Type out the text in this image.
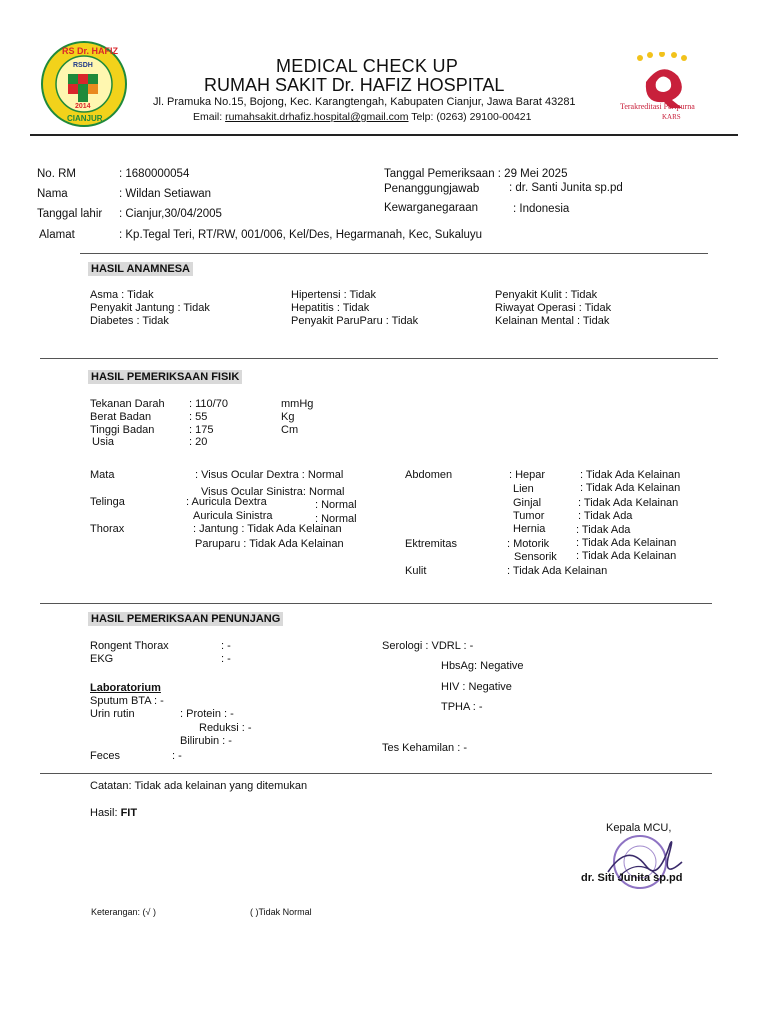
RS Dr. HAFIZ
RSDH
2014
CIANJUR
MEDICAL CHECK UP
RUMAH SAKIT Dr. HAFIZ HOSPITAL
Jl. Pramuka No.15, Bojong, Kec. Karangtengah, Kabupaten Cianjur, Jawa Barat 43281
Email: rumahsakit.drhafiz.hospital@gmail.com Telp: (0263) 29100-00421
Terakreditasi Paripurna
KARS
No. RM	: 1680000054
Nama	: Wildan Setiawan
Tanggal lahir : Cianjur,30/04/2005
Alamat	: Kp.Tegal Teri, RT/RW, 001/006, Kel/Des, Hegarmanah, Kec, Sukaluyu
Tanggal Pemeriksaan : 29 Mei 2025
Penanggungjawab	: dr. Santi Junita sp.pd
Kewarganegaraan	: Indonesia
HASIL ANAMNESA
Asma : Tidak
Penyakit Jantung : Tidak
Diabetes : Tidak
Hipertensi : Tidak
Hepatitis : Tidak
Penyakit ParuParu : Tidak
Penyakit Kulit : Tidak
Riwayat Operasi : Tidak
Kelainan Mental : Tidak
HASIL PEMERIKSAAN FISIK
Tekanan Darah : 110/70	mmHg
Berat Badan	: 55	Kg
Tinggi Badan	: 175	Cm
Usia	: 20
Mata	: Visus Ocular Dextra : Normal
Visus Ocular Sinistra: Normal
Telinga	: Auricula Dextra	: Normal
Auricula Sinistra	: Normal
Thorax	: Jantung : Tidak Ada Kelainan
Paruparu : Tidak Ada Kelainan
Abdomen	: Hepar	: Tidak Ada Kelainan
Lien	: Tidak Ada Kelainan
Ginjal	: Tidak Ada Kelainan
Tumor	: Tidak Ada
Hernia	: Tidak Ada
Ektremitas	: Motorik : Tidak Ada Kelainan
Sensorik : Tidak Ada Kelainan
Kulit	: Tidak Ada Kelainan
HASIL PEMERIKSAAN PENUNJANG
Rongent Thorax	: -
EKG	: -
Laboratorium
Sputum BTA : -
Urin rutin	: Protein : -
Reduksi : -
Bilirubin : -
Feces	: -
Serologi : VDRL : -
HbsAg: Negative
HIV : Negative
TPHA : -
Tes Kehamilan : -
Catatan: Tidak ada kelainan yang ditemukan
Hasil: FIT
Kepala MCU,
dr. Siti Junita sp.pd
Keterangan: (√ )	( )Tidak Normal
